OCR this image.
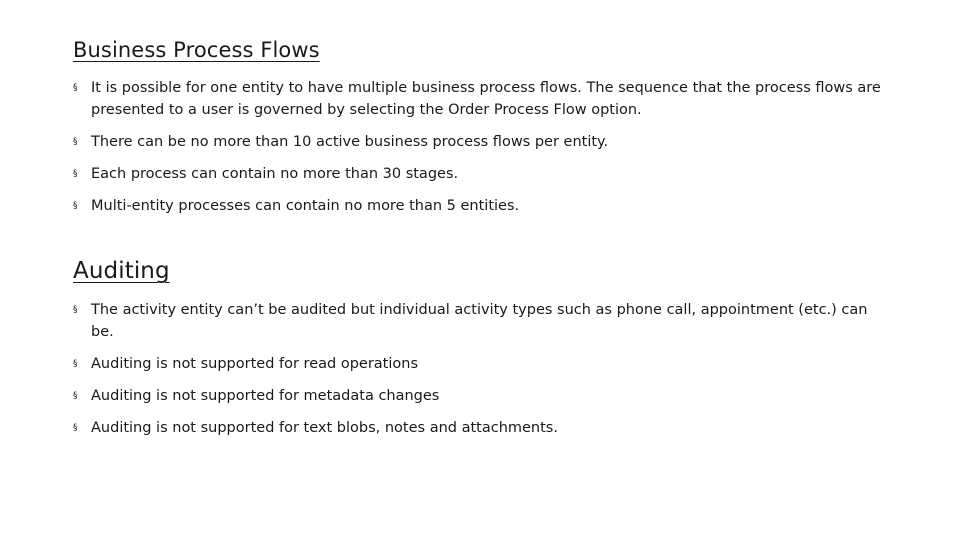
Business Process Flows
§ It is possible for one entity to have multiple business process flows. The sequence that the process flows are presented to a user is governed by selecting the Order Process Flow option.
§ There can be no more than 10 active business process flows per entity.
§ Each process can contain no more than 30 stages.
§ Multi-entity processes can contain no more than 5 entities.
Auditing
§ The activity entity can’t be audited but individual activity types such as phone call, appointment (etc.) can be.
§ Auditing is not supported for read operations
§ Auditing is not supported for metadata changes
§ Auditing is not supported for text blobs, notes and attachments.
